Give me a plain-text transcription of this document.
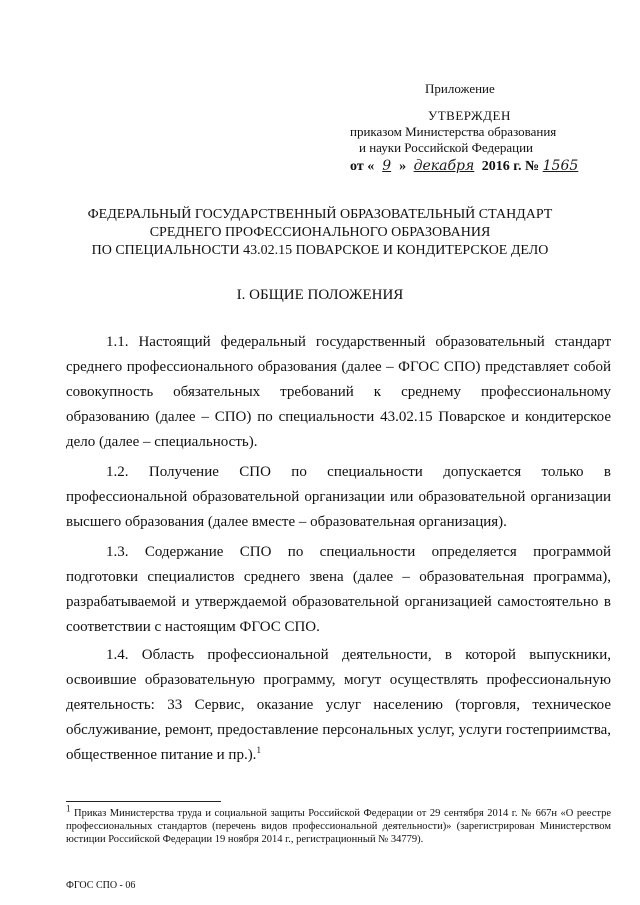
Приложение
УТВЕРЖДЕН
приказом Министерства образования
и науки Российской Федерации
от « 9 » декабря 2016 г. № 1565
ФЕДЕРАЛЬНЫЙ ГОСУДАРСТВЕННЫЙ ОБРАЗОВАТЕЛЬНЫЙ СТАНДАРТ
СРЕДНЕГО ПРОФЕССИОНАЛЬНОГО ОБРАЗОВАНИЯ
ПО СПЕЦИАЛЬНОСТИ 43.02.15 ПОВАРСКОЕ И КОНДИТЕРСКОЕ ДЕЛО
I. ОБЩИЕ ПОЛОЖЕНИЯ
1.1. Настоящий федеральный государственный образовательный стандарт среднего профессионального образования (далее – ФГОС СПО) представляет собой совокупность обязательных требований к среднему профессиональному образованию (далее – СПО) по специальности 43.02.15 Поварское и кондитерское дело (далее – специальность).
1.2. Получение СПО по специальности допускается только в профессиональной образовательной организации или образовательной организации высшего образования (далее вместе – образовательная организация).
1.3. Содержание СПО по специальности определяется программой подготовки специалистов среднего звена (далее – образовательная программа), разрабатываемой и утверждаемой образовательной организацией самостоятельно в соответствии с настоящим ФГОС СПО.
1.4. Область профессиональной деятельности, в которой выпускники, освоившие образовательную программу, могут осуществлять профессиональную деятельность: 33 Сервис, оказание услуг населению (торговля, техническое обслуживание, ремонт, предоставление персональных услуг, услуги гостеприимства, общественное питание и пр.).$^1$
1 Приказ Министерства труда и социальной защиты Российской Федерации от 29 сентября 2014 г. № 667н «О реестре профессиональных стандартов (перечень видов профессиональной деятельности)» (зарегистрирован Министерством юстиции Российской Федерации 19 ноября 2014 г., регистрационный № 34779).
ФГОС СПО - 06
